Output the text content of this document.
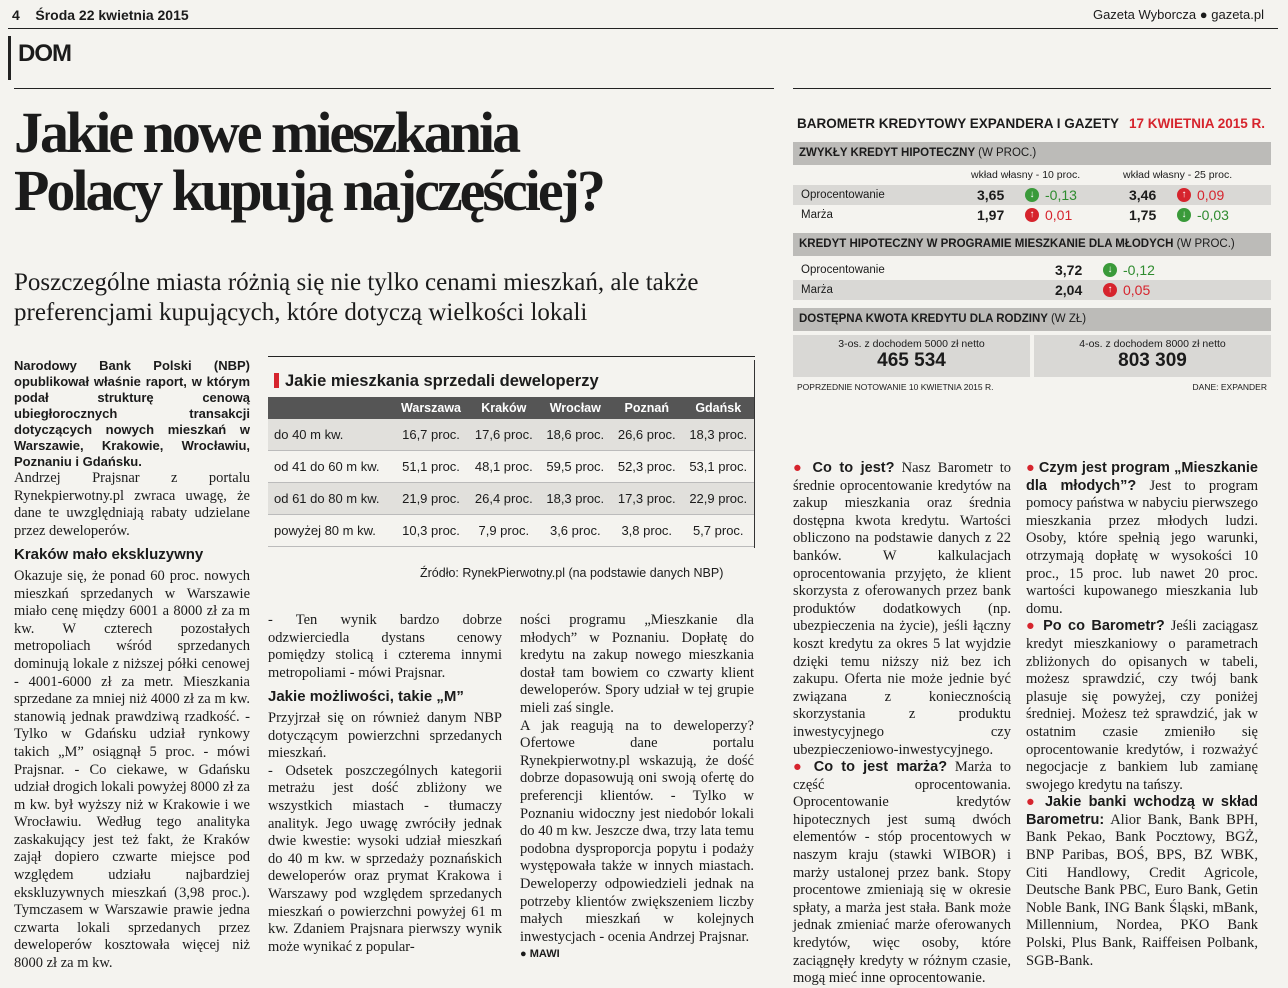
4 Środa 22 kwietnia 2015	Gazeta Wyborcza ● gazeta.pl
DOM
Jakie nowe mieszkania
Polacy kupują najczęściej?
Poszczególne miasta różnią się nie tylko cenami mieszkań, ale także preferencjami kupujących, które dotyczą wielkości lokali

Narodowy Bank Polski (NBP) opublikował właśnie raport, w którym podał strukturę cenową ubiegłorocznych transakcji dotyczących nowych mieszkań w Warszawie, Krakowie, Wrocławiu, Poznaniu i Gdańsku.

Andrzej Prajsnar z portalu Rynekpierwotny.pl zwraca uwagę, że dane te uwzględniają rabaty udzielane przez deweloperów.

Kraków mało ekskluzywny

Okazuje się, że ponad 60 proc. nowych mieszkań sprzedanych w Warszawie miało cenę między 6001 a 8000 zł za m kw. W czterech pozostałych metropoliach wśród sprzedanych dominują lokale z niższej półki cenowej - 4001-6000 zł za metr. Mieszkania sprzedane za mniej niż 4000 zł za m kw. stanowią jednak prawdziwą rzadkość. - Tylko w Gdańsku udział rynkowy takich „M” osiągnął 5 proc. - mówi Prajsnar. - Co ciekawe, w Gdańsku udział drogich lokali powyżej 8000 zł za m kw. był wyższy niż w Krakowie i we Wrocławiu. Według tego analityka zaskakujący jest też fakt, że Kraków zajął dopiero czwarte miejsce pod względem udziału najbardziej ekskluzywnych mieszkań (3,98 proc.). Tymczasem w Warszawie prawie jedna czwarta lokali sprzedanych przez deweloperów kosztowała więcej niż 8000 zł za m kw.

Jakie mieszkania sprzedali deweloperzy
	Warszawa	Kraków	Wrocław	Poznań	Gdańsk
do 40 m kw.	16,7 proc.	17,6 proc.	18,6 proc.	26,6 proc.	18,3 proc.
od 41 do 60 m kw.	51,1 proc.	48,1 proc.	59,5 proc.	52,3 proc.	53,1 proc.
od 61 do 80 m kw.	21,9 proc.	26,4 proc.	18,3 proc.	17,3 proc.	22,9 proc.
powyżej 80 m kw.	10,3 proc.	7,9 proc.	3,6 proc.	3,8 proc.	5,7 proc.
Źródło: RynekPierwotny.pl (na podstawie danych NBP)

- Ten wynik bardzo dobrze odzwierciedla dystans cenowy pomiędzy stolicą i czterema innymi metropoliami - mówi Prajsnar.

Jakie możliwości, takie „M”

Przyjrzał się on również danym NBP dotyczącym powierzchni sprzedanych mieszkań.

- Odsetek poszczególnych kategorii metrażu jest dość zbliżony we wszystkich miastach - tłumaczy analityk. Jego uwagę zwróciły jednak dwie kwestie: wysoki udział mieszkań do 40 m kw. w sprzedaży poznańskich deweloperów oraz prymat Krakowa i Warszawy pod względem sprzedanych mieszkań o powierzchni powyżej 61 m kw. Zdaniem Prajsnara pierwszy wynik może wynikać z popular-

ności programu „Mieszkanie dla młodych” w Poznaniu. Dopłatę do kredytu na zakup nowego mieszkania dostał tam bowiem co czwarty klient deweloperów. Spory udział w tej grupie mieli zaś single.

A jak reagują na to deweloperzy? Ofertowe dane portalu Rynekpierwotny.pl wskazują, że dość dobrze dopasowują oni swoją ofertę do preferencji klientów. - Tylko w Poznaniu widoczny jest niedobór lokali do 40 m kw. Jeszcze dwa, trzy lata temu podobna dysproporcja popytu i podaży występowała także w innych miastach. Deweloperzy odpowiedzieli jednak na potrzeby klientów zwiększeniem liczby małych mieszkań w kolejnych inwestycjach - ocenia Andrzej Prajsnar.

● MAWI

BAROMETR KREDYTOWY EXPANDERA I GAZETY 17 KWIETNIA 2015 R.
ZWYKŁY KREDYT HIPOTECZNY (W PROC.)
wkład własny - 10 proc.	wkład własny - 25 proc.
Oprocentowanie	3,65	↓ -0,13	3,46	↑ 0,09
Marża	1,97	↑ 0,01	1,75	↓ -0,03
KREDYT HIPOTECZNY W PROGRAMIE MIESZKANIE DLA MŁODYCH (W PROC.)
Oprocentowanie	3,72	↓ -0,12
Marża	2,04	↑ 0,05
DOSTĘPNA KWOTA KREDYTU DLA RODZINY (W ZŁ)
3-os. z dochodem 5000 zł netto
465 534
4-os. z dochodem 8000 zł netto
803 309
POPRZEDNIE NOTOWANIE 10 KWIETNIA 2015 R.	DANE: EXPANDER

● Co to jest? Nasz Barometr to średnie oprocentowanie kredytów na zakup mieszkania oraz średnia dostępna kwota kredytu. Wartości obliczono na podstawie danych z 22 banków. W kalkulacjach oprocentowania przyjęto, że klient skorzysta z oferowanych przez bank produktów dodatkowych (np. ubezpieczenia na życie), jeśli łączny koszt kredytu za okres 5 lat wyjdzie dzięki temu niższy niż bez ich zakupu. Oferta nie może jednie być związana z koniecznością skorzystania z produktu inwestycyjnego czy ubezpieczeniowo-inwestycyjnego.

● Co to jest marża? Marża to część oprocentowania. Oprocentowanie kredytów hipotecznych jest sumą dwóch elementów - stóp procentowych w naszym kraju (stawki WIBOR) i marży ustalonej przez bank. Stopy procentowe zmieniają się w okresie spłaty, a marża jest stała. Bank może jednak zmieniać marże oferowanych kredytów, więc osoby, które zaciągnęły kredyty w różnym czasie, mogą mieć inne oprocentowanie.

● Czym jest program „Mieszkanie dla młodych”? Jest to program pomocy państwa w nabyciu pierwszego mieszkania przez młodych ludzi. Osoby, które spełnią jego warunki, otrzymają dopłatę w wysokości 10 proc., 15 proc. lub nawet 20 proc. wartości kupowanego mieszkania lub domu.

● Po co Barometr? Jeśli zaciągasz kredyt mieszkaniowy o parametrach zbliżonych do opisanych w tabeli, możesz sprawdzić, czy twój bank plasuje się powyżej, czy poniżej średniej. Możesz też sprawdzić, jak w ostatnim czasie zmieniło się oprocentowanie kredytów, i rozważyć negocjacje z bankiem lub zamianę swojego kredytu na tańszy.

● Jakie banki wchodzą w skład Barometru: Alior Bank, Bank BPH, Bank Pekao, Bank Pocztowy, BGŻ, BNP Paribas, BOŚ, BPS, BZ WBK, Citi Handlowy, Credit Agricole, Deutsche Bank PBC, Euro Bank, Getin Noble Bank, ING Bank Śląski, mBank, Millennium, Nordea, PKO Bank Polski, Plus Bank, Raiffeisen Polbank, SGB-Bank.
